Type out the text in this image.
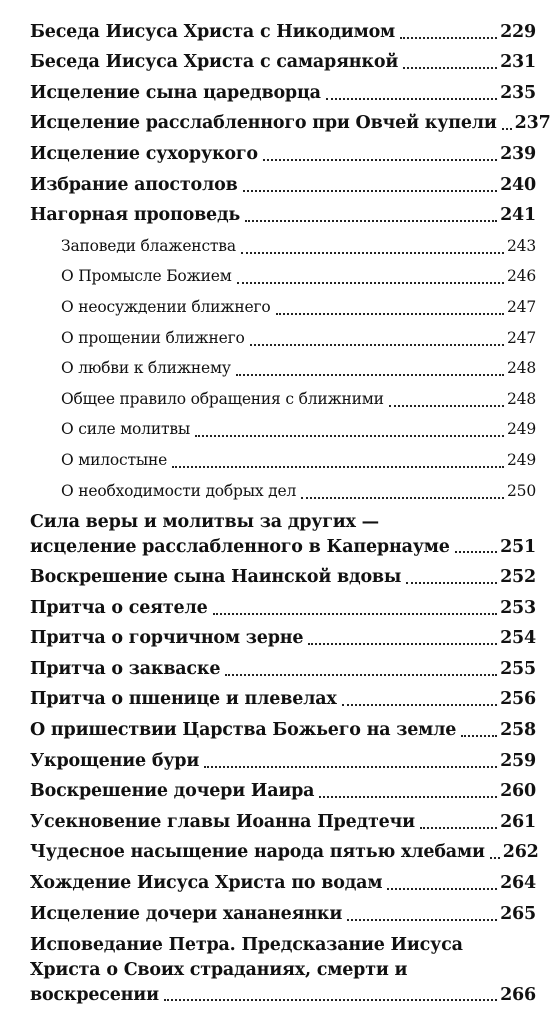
Беседа Иисуса Христа с Никодимом	229
Беседа Иисуса Христа с самарянкой	231
Исцеление сына царедворца	235
Исцеление расслабленного при Овчей купели 237
Исцеление сухорукого	239
Избрание апостолов	240
Нагорная проповедь	241
Заповеди блаженства	243
О Промысле Божием	246
О неосуждении ближнего	247
О прощении ближнего	247
О любви к ближнему	248
Общее правило обращения с ближними	248
О силе молитвы	249
О милостыне	249
О необходимости добрых дел	250
Сила веры и молитвы за других —
исцеление расслабленного в Капернауме	251
Воскрешение сына Наинской вдовы	252
Притча о сеятеле	253
Притча о горчичном зерне	254
Притча о закваске	255
Притча о пшенице и плевелах	256
О пришествии Царства Божьего на земле	258
Укрощение бури	259
Воскрешение дочери Иаира	260
Усекновение главы Иоанна Предтечи	261
Чудесное насыщение народа пятью хлебами 262
Хождение Иисуса Христа по водам	264
Исцеление дочери хананеянки	265
Исповедание Петра. Предсказание Иисуса
Христа о Своих страданиях, смерти и
воскресении	266
